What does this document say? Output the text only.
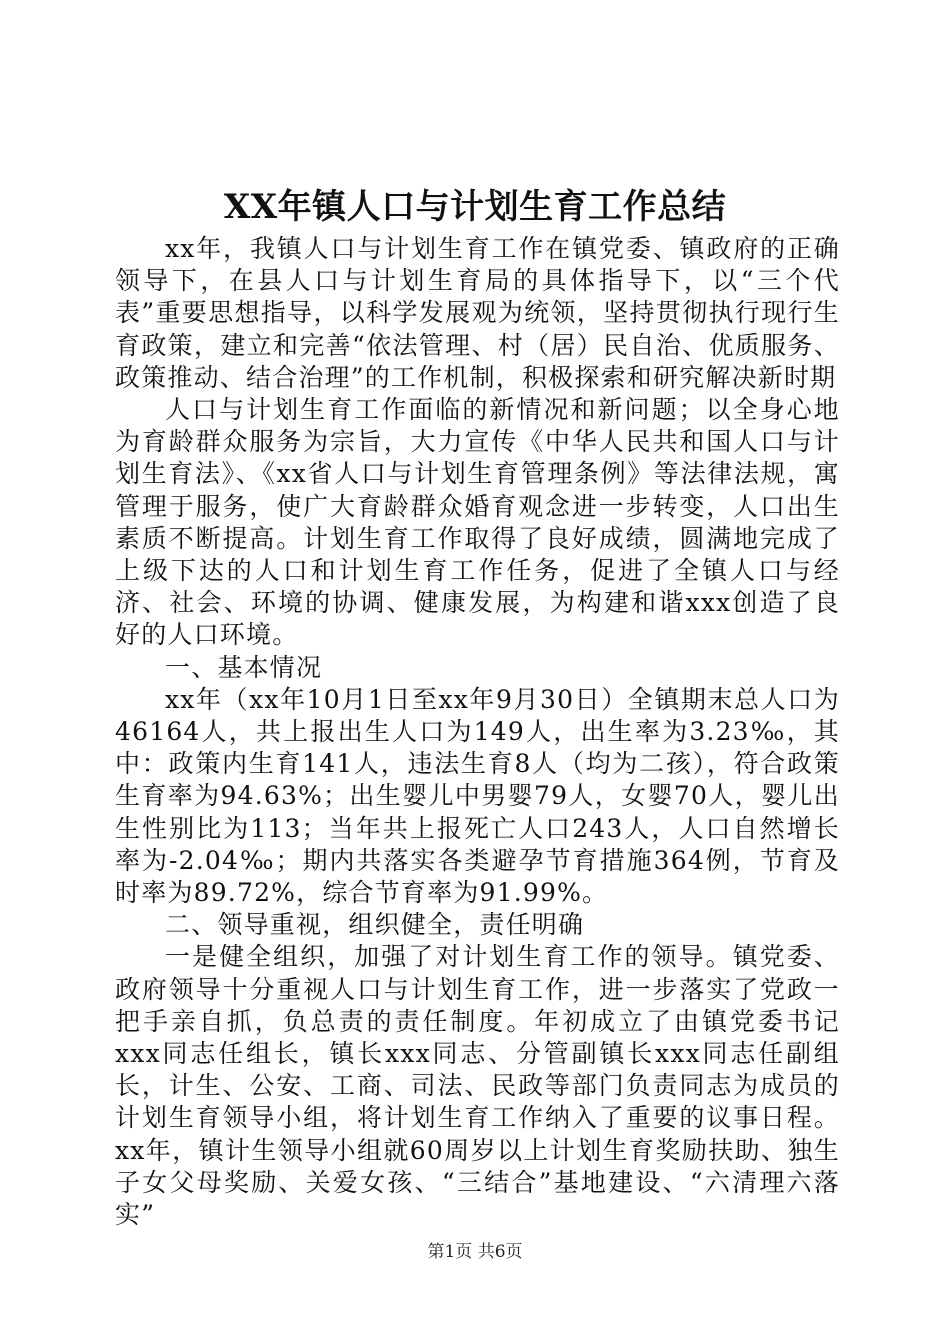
XX年镇人口与计划生育工作总结

xx年，我镇人口与计划生育工作在镇党委、镇政府的正确领导下，在县人口与计划生育局的具体指导下，以“三个代表”重要思想指导，以科学发展观为统领，坚持贯彻执行现行生育政策，建立和完善“依法管理、村（居）民自治、优质服务、政策推动、结合治理”的工作机制，积极探索和研究解决新时期

人口与计划生育工作面临的新情况和新问题；以全身心地为育龄群众服务为宗旨，大力宣传《中华人民共和国人口与计划生育法》、《xx省人口与计划生育管理条例》等法律法规，寓管理于服务，使广大育龄群众婚育观念进一步转变，人口出生素质不断提高。计划生育工作取得了良好成绩，圆满地完成了上级下达的人口和计划生育工作任务，促进了全镇人口与经济、社会、环境的协调、健康发展，为构建和谐xxx创造了良好的人口环境。

一、基本情况

xx年（xx年10月1日至xx年9月30日）全镇期末总人口为46164人，共上报出生人口为149人，出生率为3.23‰，其中：政策内生育141人，违法生育8人（均为二孩），符合政策生育率为94.63%；出生婴儿中男婴79人，女婴70人，婴儿出生性别比为113；当年共上报死亡人口243人，人口自然增长率为-2.04‰；期内共落实各类避孕节育措施364例，节育及时率为89.72%，综合节育率为91.99%。

二、领导重视，组织健全，责任明确

一是健全组织，加强了对计划生育工作的领导。镇党委、政府领导十分重视人口与计划生育工作，进一步落实了党政一把手亲自抓，负总责的责任制度。年初成立了由镇党委书记xxx同志任组长，镇长xxx同志、分管副镇长xxx同志任副组长，计生、公安、工商、司法、民政等部门负责同志为成员的计划生育领导小组，将计划生育工作纳入了重要的议事日程。xx年，镇计生领导小组就60周岁以上计划生育奖励扶助、独生子女父母奖励、关爱女孩、“三结合”基地建设、“六清理六落实”

第1页 共6页
